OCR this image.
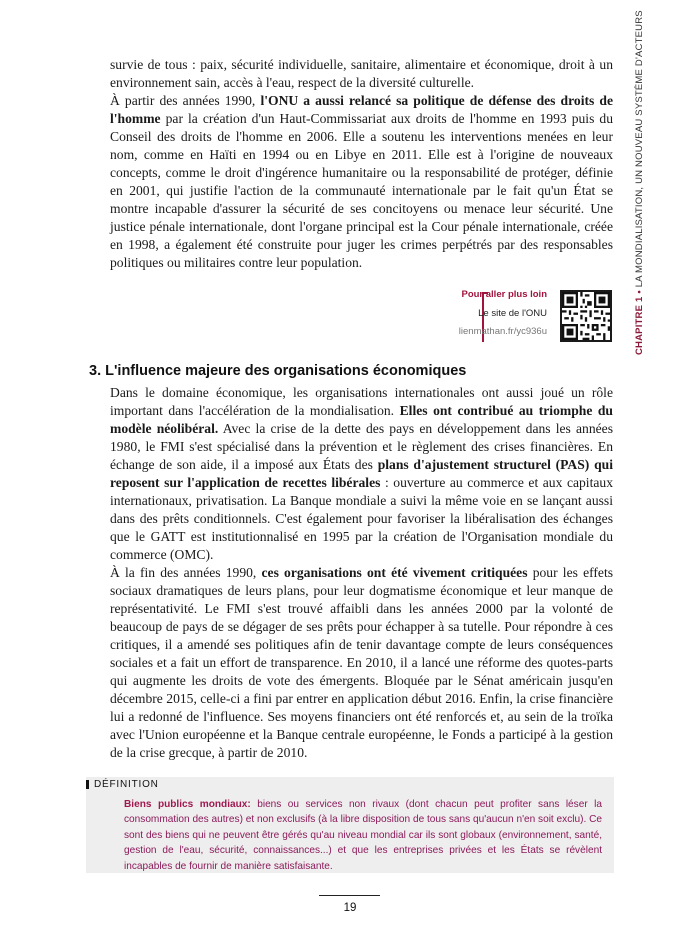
CHAPITRE 1 • LA MONDIALISATION, UN NOUVEAU SYSTÈME D'ACTEURS
survie de tous : paix, sécurité individuelle, sanitaire, alimentaire et économique, droit à un environnement sain, accès à l'eau, respect de la diversité culturelle.
À partir des années 1990, l'ONU a aussi relancé sa politique de défense des droits de l'homme par la création d'un Haut-Commissariat aux droits de l'homme en 1993 puis du Conseil des droits de l'homme en 2006. Elle a soutenu les interventions menées en leur nom, comme en Haïti en 1994 ou en Libye en 2011. Elle est à l'origine de nouveaux concepts, comme le droit d'ingérence humanitaire ou la responsabilité de protéger, définie en 2001, qui justifie l'action de la communauté internationale par le fait qu'un État se montre incapable d'assurer la sécurité de ses concitoyens ou menace leur sécurité. Une justice pénale internationale, dont l'organe principal est la Cour pénale internationale, créée en 1998, a également été construite pour juger les crimes perpétrés par des responsables politiques ou militaires contre leur population.
Pour aller plus loin
Le site de l'ONU
lienmathan.fr/yc936u
3. L'influence majeure des organisations économiques
Dans le domaine économique, les organisations internationales ont aussi joué un rôle important dans l'accélération de la mondialisation. Elles ont contribué au triomphe du modèle néolibéral. Avec la crise de la dette des pays en développement dans les années 1980, le FMI s'est spécialisé dans la prévention et le règlement des crises financières. En échange de son aide, il a imposé aux États des plans d'ajustement structurel (PAS) qui reposent sur l'application de recettes libérales : ouverture au commerce et aux capitaux internationaux, privatisation. La Banque mondiale a suivi la même voie en se lançant aussi dans des prêts conditionnels. C'est également pour favoriser la libéralisation des échanges que le GATT est institutionnalisé en 1995 par la création de l'Organisation mondiale du commerce (OMC).
À la fin des années 1990, ces organisations ont été vivement critiquées pour les effets sociaux dramatiques de leurs plans, pour leur dogmatisme économique et leur manque de représentativité. Le FMI s'est trouvé affaibli dans les années 2000 par la volonté de beaucoup de pays de se dégager de ses prêts pour échapper à sa tutelle. Pour répondre à ces critiques, il a amendé ses politiques afin de tenir davantage compte de leurs conséquences sociales et a fait un effort de transparence. En 2010, il a lancé une réforme des quotes-parts qui augmente les droits de vote des émergents. Bloquée par le Sénat américain jusqu'en décembre 2015, celle-ci a fini par entrer en application début 2016. Enfin, la crise financière lui a redonné de l'influence. Ses moyens financiers ont été renforcés et, au sein de la troïka avec l'Union européenne et la Banque centrale européenne, le Fonds a participé à la gestion de la crise grecque, à partir de 2010.
DÉFINITION

Biens publics mondiaux: biens ou services non rivaux (dont chacun peut profiter sans léser la consommation des autres) et non exclusifs (à la libre disposition de tous sans qu'aucun n'en soit exclu). Ce sont des biens qui ne peuvent être gérés qu'au niveau mondial car ils sont globaux (environnement, santé, gestion de l'eau, sécurité, connaissances...) et que les entreprises privées et les États se révèlent incapables de fournir de manière satisfaisante.

19
